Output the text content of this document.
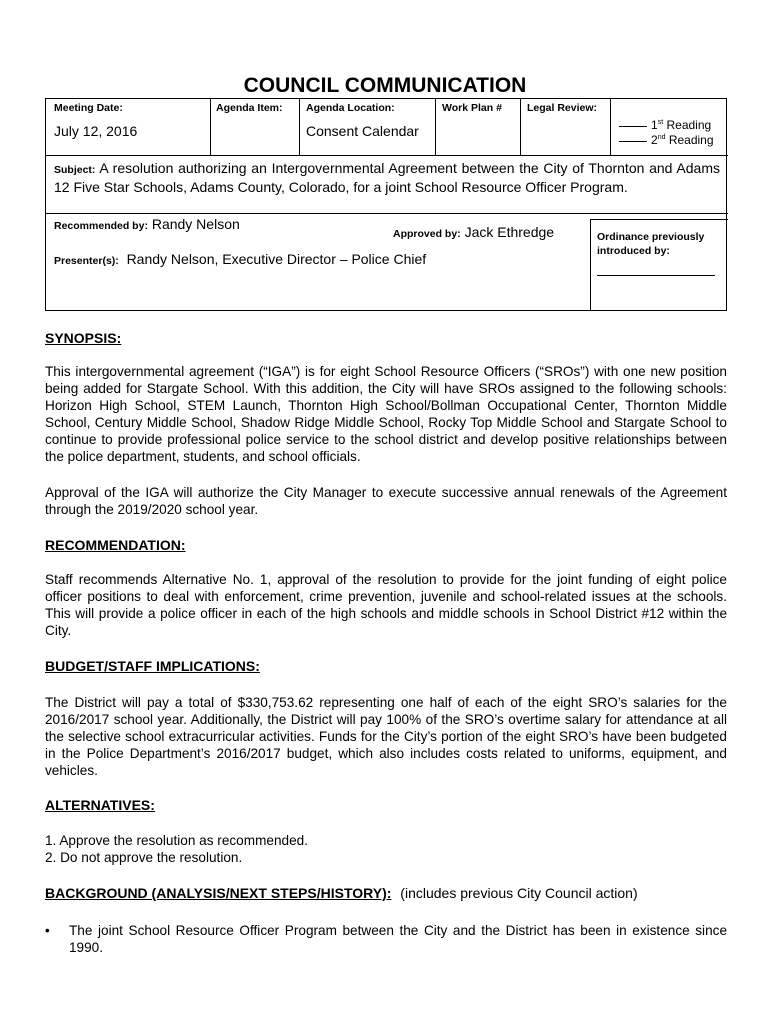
COUNCIL COMMUNICATION
Meeting Date:
July 12, 2016
Agenda Item: Agenda Location:
Consent Calendar
Work Plan # Legal Review:
1st Reading
2nd Reading
Subject: A resolution authorizing an Intergovernmental Agreement between the City of Thornton and Adams 12 Five Star Schools, Adams County, Colorado, for a joint School Resource Officer Program.
Recommended by: Randy Nelson
Approved by: Jack Ethredge
Presenter(s): Randy Nelson, Executive Director – Police Chief
Ordinance previously introduced by:
SYNOPSIS:
This intergovernmental agreement (“IGA”) is for eight School Resource Officers (“SROs”) with one new position being added for Stargate School. With this addition, the City will have SROs assigned to the following schools: Horizon High School, STEM Launch, Thornton High School/Bollman Occupational Center, Thornton Middle School, Century Middle School, Shadow Ridge Middle School, Rocky Top Middle School and Stargate School to continue to provide professional police service to the school district and develop positive relationships between the police department, students, and school officials.
Approval of the IGA will authorize the City Manager to execute successive annual renewals of the Agreement through the 2019/2020 school year.
RECOMMENDATION:
Staff recommends Alternative No. 1, approval of the resolution to provide for the joint funding of eight police officer positions to deal with enforcement, crime prevention, juvenile and school-related issues at the schools. This will provide a police officer in each of the high schools and middle schools in School District #12 within the City.
BUDGET/STAFF IMPLICATIONS:
The District will pay a total of $330,753.62 representing one half of each of the eight SRO’s salaries for the 2016/2017 school year. Additionally, the District will pay 100% of the SRO’s overtime salary for attendance at all the selective school extracurricular activities. Funds for the City’s portion of the eight SRO’s have been budgeted in the Police Department’s 2016/2017 budget, which also includes costs related to uniforms, equipment, and vehicles.
ALTERNATIVES:
1. Approve the resolution as recommended.
2. Do not approve the resolution.
BACKGROUND (ANALYSIS/NEXT STEPS/HISTORY): (includes previous City Council action)
•	The joint School Resource Officer Program between the City and the District has been in existence since 1990.
